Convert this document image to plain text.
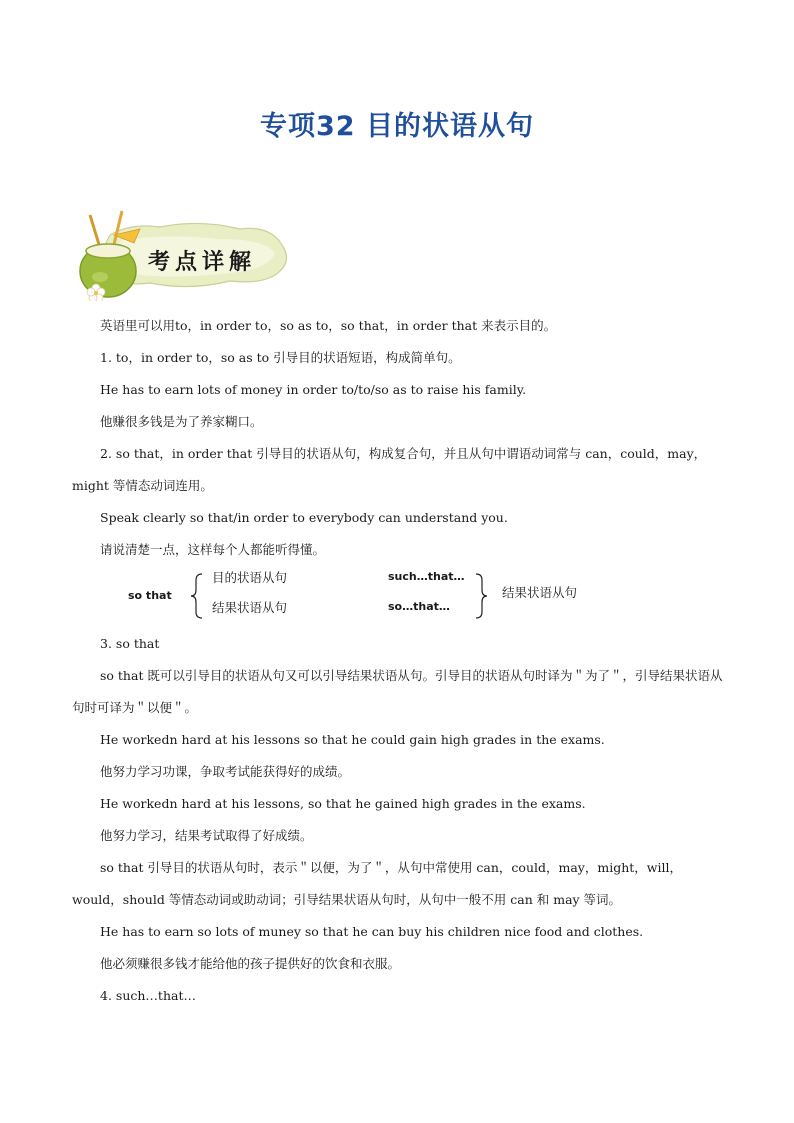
专项32 目的状语从句
考点详解

英语里可以用to，in order to，so as to，so that，in order that 来表示目的。

1. to，in order to，so as to 引导目的状语短语，构成简单句。

He has to earn lots of money in order to/to/so as to raise his family.

他赚很多钱是为了养家糊口。

2. so that，in order that 引导目的状语从句，构成复合句，并且从句中谓语动词常与 can，could，may，might 等情态动词连用。

Speak clearly so that/in order to everybody can understand you.

请说清楚一点，这样每个人都能听得懂。

so that
目的状语从句
结果状语从句
such…that…
so…that…
结果状语从句

3. so that

so that 既可以引导目的状语从句又可以引导结果状语从句。引导目的状语从句时译为＂为了＂，引导结果状语从句时可译为＂以便＂。

He workedn hard at his lessons so that he could gain high grades in the exams.

他努力学习功课，争取考试能获得好的成绩。

He workedn hard at his lessons, so that he gained high grades in the exams.

他努力学习，结果考试取得了好成绩。

so that 引导目的状语从句时，表示＂以便，为了＂，从句中常使用 can，could，may，might，will，would，should 等情态动词或助动词；引导结果状语从句时，从句中一般不用 can 和 may 等词。

He has to earn so lots of muney so that he can buy his children nice food and clothes.

他必须赚很多钱才能给他的孩子提供好的饮食和衣服。

4. such…that…
